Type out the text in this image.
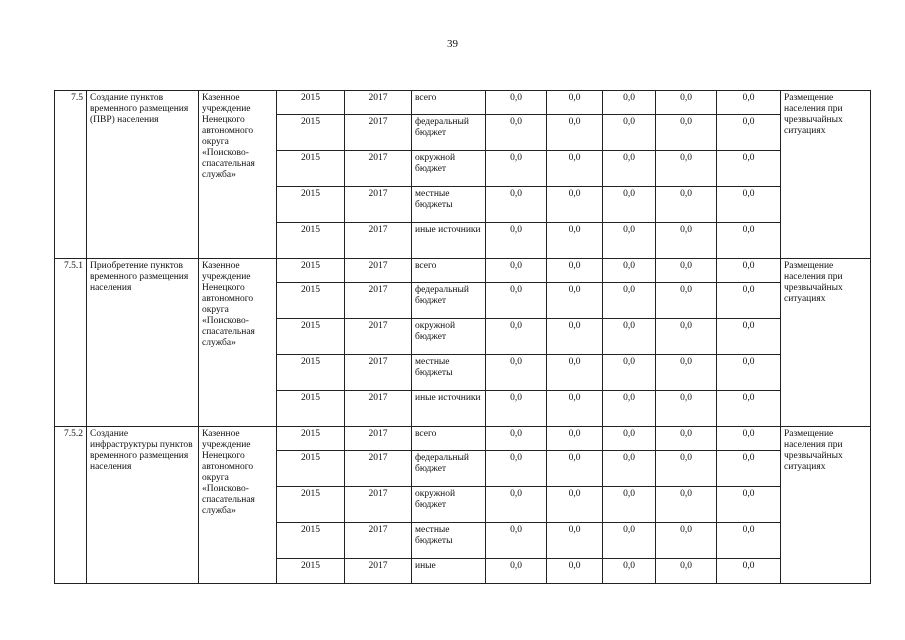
39
7.5	Создание пунктов временного размещения (ПВР) населения	Казенное учреждение Ненецкого автономного округа «Поисково-спасательная служба»	2015	2017	всего	0,0	0,0	0,0	0,0	0,0	Размещение населения при чрезвычайных ситуациях
			2015	2017	федеральный бюджет	0,0	0,0	0,0	0,0	0,0	
			2015	2017	окружной бюджет	0,0	0,0	0,0	0,0	0,0	
			2015	2017	местные бюджеты	0,0	0,0	0,0	0,0	0,0	
			2015	2017	иные источники	0,0	0,0	0,0	0,0	0,0	
7.5.1	Приобретение пунктов временного размещения населения	Казенное учреждение Ненецкого автономного округа «Поисково-спасательная служба»	2015	2017	всего	0,0	0,0	0,0	0,0	0,0	Размещение населения при чрезвычайных ситуациях
			2015	2017	федеральный бюджет	0,0	0,0	0,0	0,0	0,0	
			2015	2017	окружной бюджет	0,0	0,0	0,0	0,0	0,0	
			2015	2017	местные бюджеты	0,0	0,0	0,0	0,0	0,0	
			2015	2017	иные источники	0,0	0,0	0,0	0,0	0,0	
7.5.2	Создание инфраструктуры пунктов временного размещения населения	Казенное учреждение Ненецкого автономного округа «Поисково-спасательная служба»	2015	2017	всего	0,0	0,0	0,0	0,0	0,0	Размещение населения при чрезвычайных ситуациях
			2015	2017	федеральный бюджет	0,0	0,0	0,0	0,0	0,0	
			2015	2017	окружной бюджет	0,0	0,0	0,0	0,0	0,0	
			2015	2017	местные бюджеты	0,0	0,0	0,0	0,0	0,0	
			2015	2017	иные	0,0	0,0	0,0	0,0	0,0	
